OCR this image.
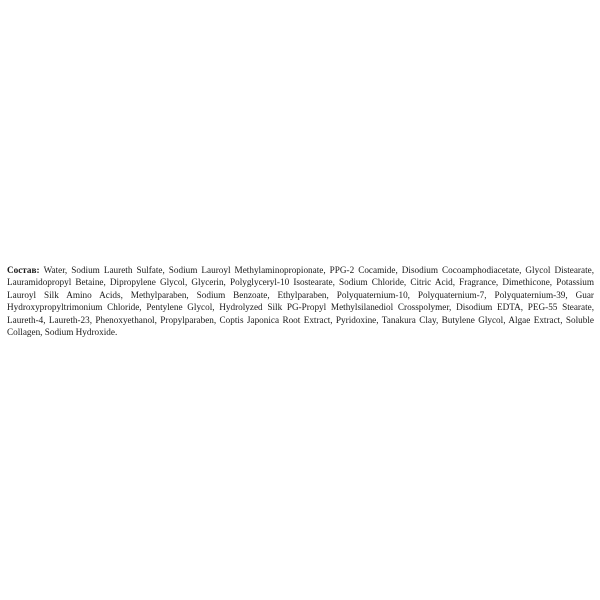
Состав: Water, Sodium Laureth Sulfate, Sodium Lauroyl Methylaminopropionate, PPG-2 Cocamide, Disodium Cocoamphodiacetate, Glycol Distearate, Lauramidopropyl Betaine, Dipropylene Glycol, Glycerin, Polyglyceryl-10 Isostearate, Sodium Chloride, Citric Acid, Fragrance, Dimethicone, Potassium Lauroyl Silk Amino Acids, Methylparaben, Sodium Benzoate, Ethylparaben, Polyquaternium-10, Polyquaternium-7, Polyquaternium-39, Guar Hydroxypropyltrimonium Chloride, Pentylene Glycol, Hydrolyzed Silk PG-Propyl Methylsilanediol Crosspolymer, Disodium EDTA, PEG-55 Stearate, Laureth-4, Laureth-23, Phenoxyethanol, Propylparaben, Coptis Japonica Root Extract, Pyridoxine, Tanakura Clay, Butylene Glycol, Algae Extract, Soluble Collagen, Sodium Hydroxide.
